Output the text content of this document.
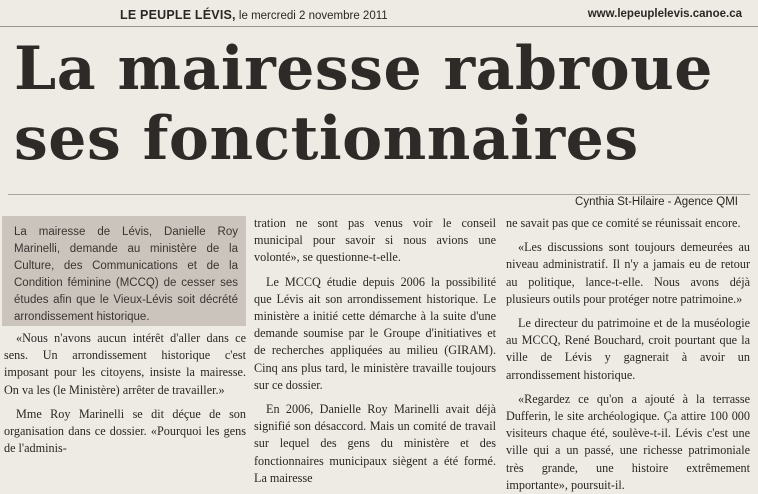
LE PEUPLE LÉVIS, le mercredi 2 novembre 2011	www.lepeuplelevis.canoe.ca
La mairesse rabroue ses fonctionnaires
Cynthia St-Hilaire - Agence QMI
La mairesse de Lévis, Danielle Roy Marinelli, demande au ministère de la Culture, des Communications et de la Condition féminine (MCCQ) de cesser ses études afin que le Vieux-Lévis soit décrété arrondissement historique.

«Nous n'avons aucun intérêt d'aller dans ce sens. Un arrondissement historique c'est imposant pour les citoyens, insiste la mairesse. On va les (le Ministère) arrêter de travailler.»

Mme Roy Marinelli se dit déçue de son organisation dans ce dossier. «Pourquoi les gens de l'adminis-

tration ne sont pas venus voir le conseil municipal pour savoir si nous avions une volonté», se questionne-t-elle.

Le MCCQ étudie depuis 2006 la possibilité que Lévis ait son arrondissement historique. Le ministère a initié cette démarche à la suite d'une demande soumise par le Groupe d'initiatives et de recherches appliquées au milieu (GIRAM). Cinq ans plus tard, le ministère travaille toujours sur ce dossier.

En 2006, Danielle Roy Marinelli avait déjà signifié son désaccord. Mais un comité de travail sur lequel des gens du ministère et des fonctionnaires municipaux siègent a été formé. La mairesse

ne savait pas que ce comité se réunissait encore.

«Les discussions sont toujours demeurées au niveau administratif. Il n'y a jamais eu de retour au politique, lance-t-elle. Nous avons déjà plusieurs outils pour protéger notre patrimoine.»

Le directeur du patrimoine et de la muséologie au MCCQ, René Bouchard, croit pourtant que la ville de Lévis y gagnerait à avoir un arrondissement historique.

«Regardez ce qu'on a ajouté à la terrasse Dufferin, le site archéologique. Ça attire 100 000 visiteurs chaque été, soulève-t-il. Lévis c'est une ville qui a un passé, une richesse patrimoniale très grande, une histoire extrêmement importante», poursuit-il.
